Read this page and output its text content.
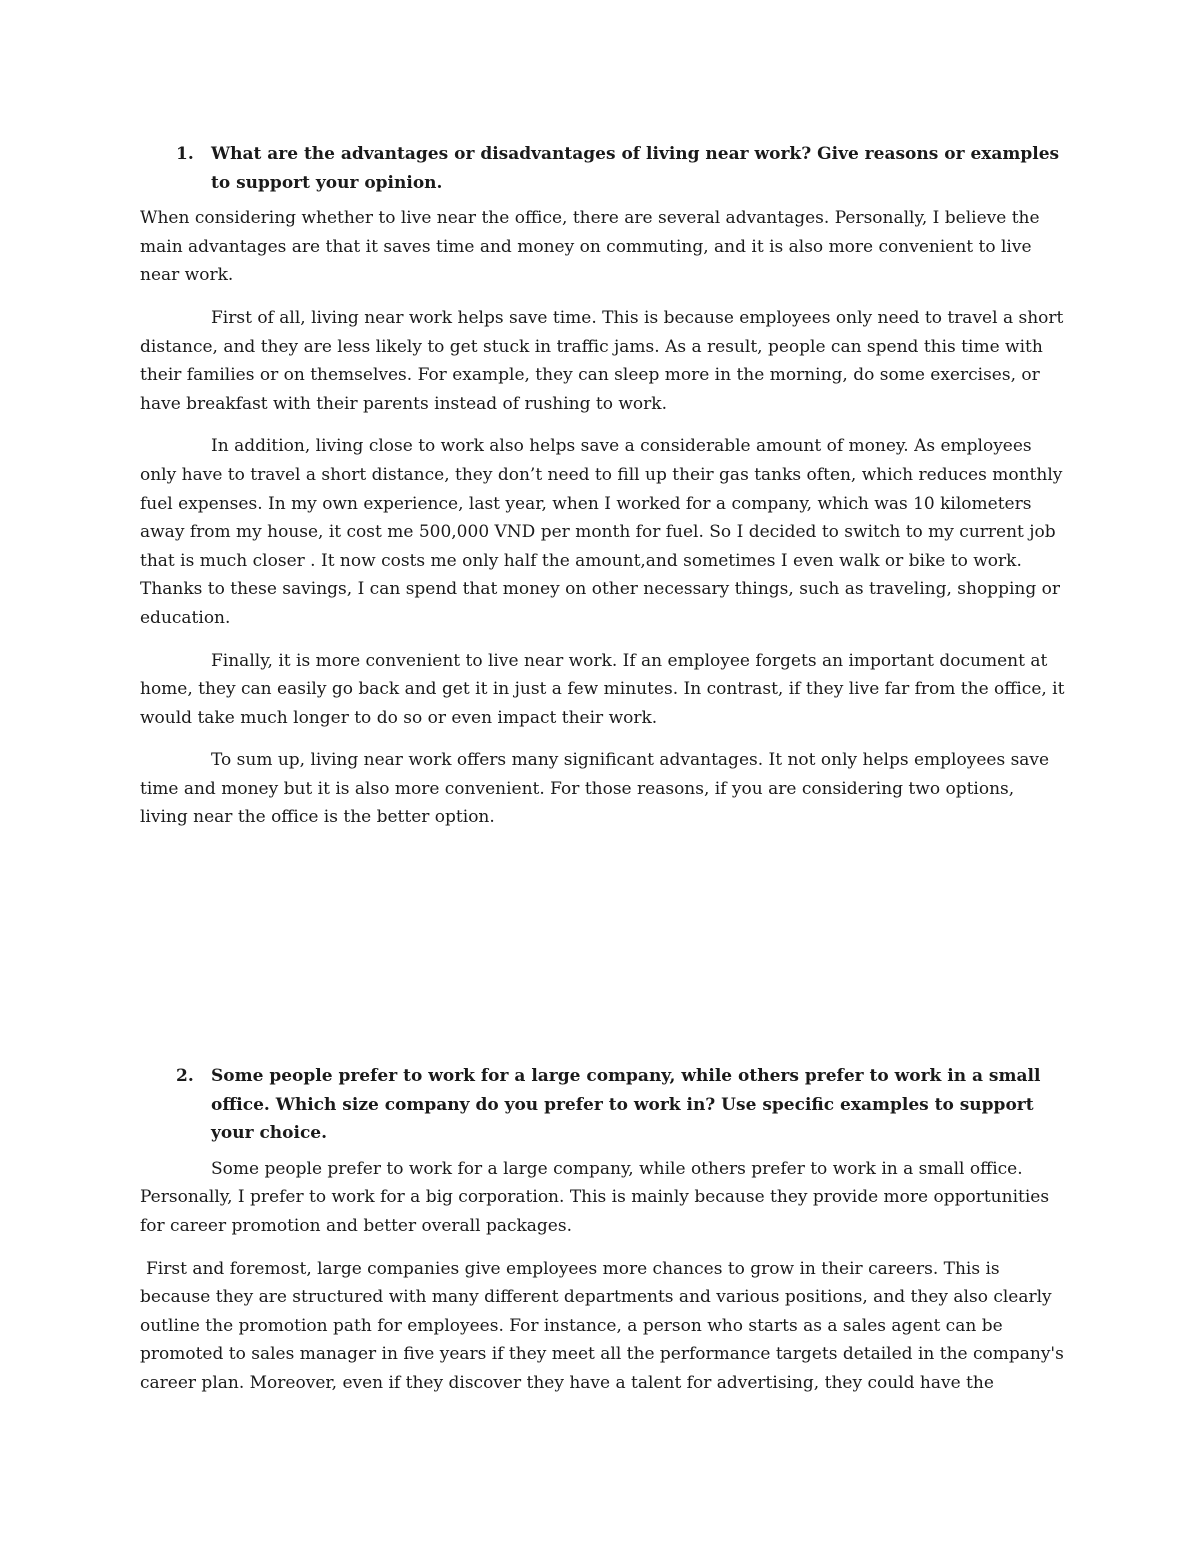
1. What are the advantages or disadvantages of living near work? Give reasons or examples to support your opinion.

When considering whether to live near the office, there are several advantages. Personally, I believe the main advantages are that it saves time and money on commuting, and it is also more convenient to live near work.

First of all, living near work helps save time. This is because employees only need to travel a short distance, and they are less likely to get stuck in traffic jams. As a result, people can spend this time with their families or on themselves. For example, they can sleep more in the morning, do some exercises, or have breakfast with their parents instead of rushing to work.

In addition, living close to work also helps save a considerable amount of money. As employees only have to travel a short distance, they don’t need to fill up their gas tanks often, which reduces monthly fuel expenses. In my own experience, last year, when I worked for a company, which was 10 kilometers away from my house, it cost me 500,000 VND per month for fuel. So I decided to switch to my current job that is much closer . It now costs me only half the amount,and sometimes I even walk or bike to work. Thanks to these savings, I can spend that money on other necessary things, such as traveling, shopping or education.

Finally, it is more convenient to live near work. If an employee forgets an important document at home, they can easily go back and get it in just a few minutes. In contrast, if they live far from the office, it would take much longer to do so or even impact their work.

To sum up, living near work offers many significant advantages. It not only helps employees save time and money but it is also more convenient. For those reasons, if you are considering two options, living near the office is the better option.

2. Some people prefer to work for a large company, while others prefer to work in a small office. Which size company do you prefer to work in? Use specific examples to support your choice.

Some people prefer to work for a large company, while others prefer to work in a small office. Personally, I prefer to work for a big corporation. This is mainly because they provide more opportunities for career promotion and better overall packages.

First and foremost, large companies give employees more chances to grow in their careers. This is because they are structured with many different departments and various positions, and they also clearly outline the promotion path for employees. For instance, a person who starts as a sales agent can be promoted to sales manager in five years if they meet all the performance targets detailed in the company's career plan. Moreover, even if they discover they have a talent for advertising, they could have the
